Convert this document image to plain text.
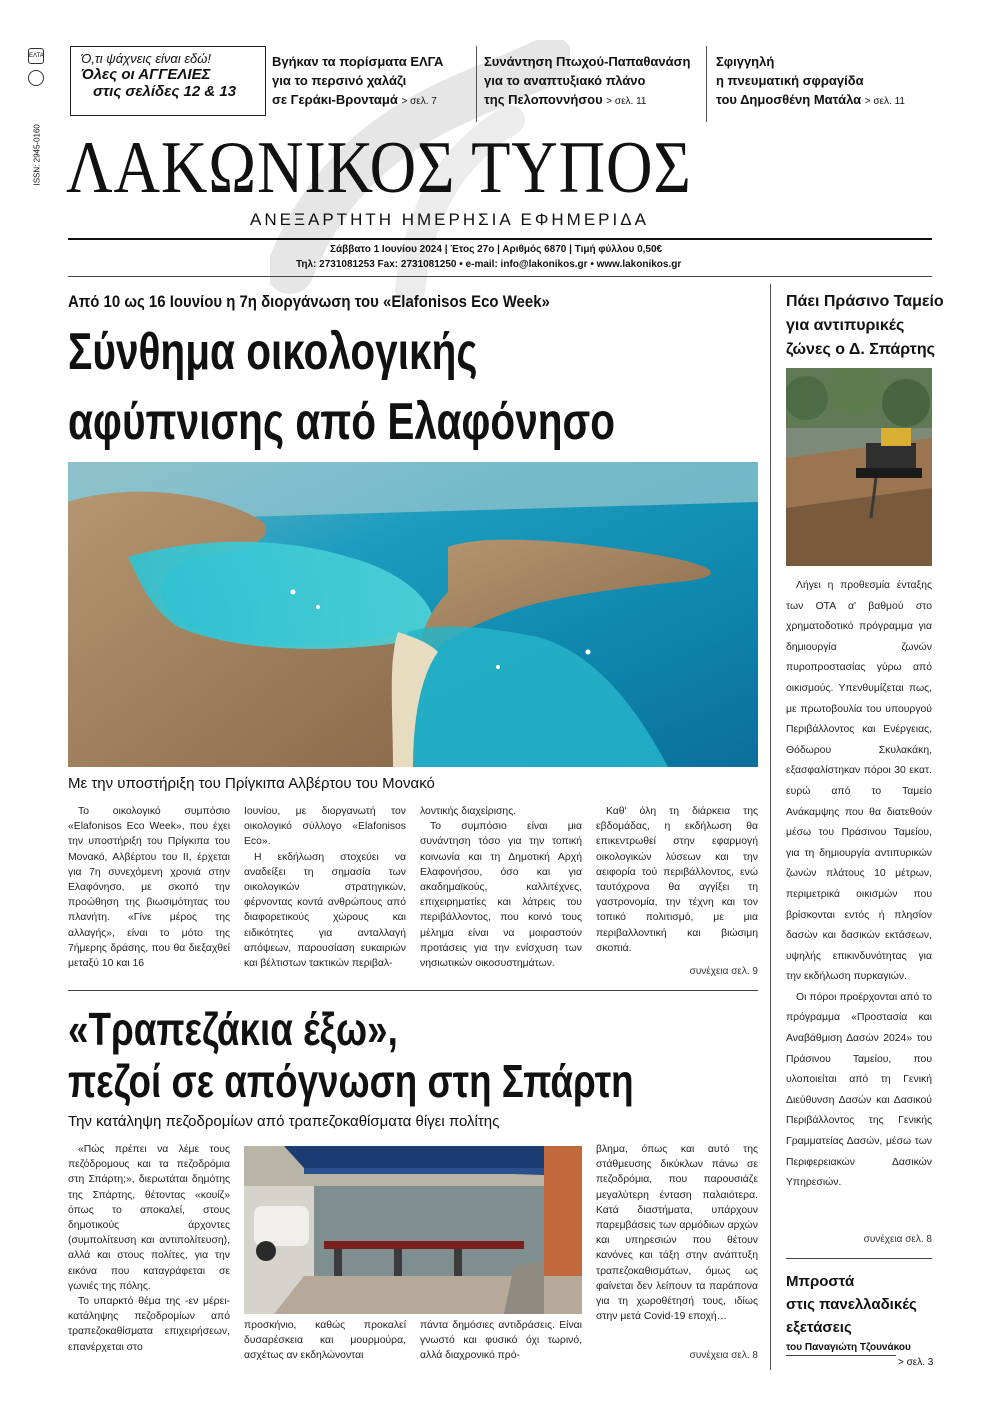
ΕΛΤΑ
ISSN: 2945-0160
Ό,τι ψάχνεις είναι εδώ!
Όλες οι ΑΓΓΕΛΙΕΣ
στις σελίδες 12 & 13
Βγήκαν τα πορίσματα ΕΛΓΑ
για το περσινό χαλάζι
σε Γεράκι-Βρονταμά > σελ. 7
Συνάντηση Πτωχού-Παπαθανάση
για το αναπτυξιακό πλάνο
της Πελοποννήσου > σελ. 11
Σφιγγηλή
η πνευματική σφραγίδα
του Δημοσθένη Ματάλα > σελ. 11
ΛΑΚΩΝΙΚΟΣ ΤΥΠΟΣ
ΑΝΕΞΑΡΤΗΤΗ ΗΜΕΡΗΣΙΑ ΕΦΗΜΕΡΙΔΑ
Σάββατο 1 Ιουνίου 2024 | Έτος 27ο | Αριθμός 6870 | Τιμή φύλλου 0,50€
Τηλ: 2731081253 Fax: 2731081250 • e-mail: info@lakonikos.gr • www.lakonikos.gr
Από 10 ως 16 Ιουνίου η 7η διοργάνωση του «Elafonisos Eco Week»
Σύνθημα οικολογικής
αφύπνισης από Ελαφόνησο
Με την υποστήριξη του Πρίγκιπα Αλβέρτου του Μονακό

Το οικολογικό συμπόσιο «Elafonisos Eco Week», που έχει την υποστήριξη του Πρίγκιπα του Μονακό, Αλβέρτου του ΙΙ, έρχεται για 7η συνεχόμενη χρονιά στην Ελαφόνησο, με σκοπό την προώθηση της βιωσιμότητας του πλανήτη. «Γίνε μέρος της αλλαγής», είναι το μότο της 7ήμερης δράσης, που θα διεξαχθεί μεταξύ 10 και 16

Ιουνίου, με διοργανωτή τον οικολογικό σύλλογο «Elafonisos Eco».

Η εκδήλωση στοχεύει να αναδείξει τη σημασία των οικολογικών στρατηγικών, φέρνοντας κοντά ανθρώπους από διαφορετικούς χώρους και ειδικότητες για ανταλλαγή απόψεων, παρουσίαση ευκαιριών και βέλτιστων τακτικών περιβαλ-

λοντικής διαχείρισης.

Το συμπόσιο είναι μια συνάντηση τόσο για την τοπική κοινωνία και τη Δημοτική Αρχή Ελαφονήσου, όσο και για ακαδημαϊκούς, καλλιτέχνες, επιχειρηματίες και λάτρεις του περιβάλλοντος, που κοινό τους μέλημα είναι να μοιραστούν προτάσεις για την ενίσχυση των νησιωτικών οικοσυστημάτων.

Καθ' όλη τη διάρκεια της εβδομάδας, η εκδήλωση θα επικεντρωθεί στην εφαρμογή οικολογικών λύσεων και την αειφορία τού περιβάλλοντος, ενώ ταυτόχρονα θα αγγίξει τη γαστρονομία, την τέχνη και τον τοπικό πολιτισμό, με μια περιβαλλοντική και βιώσιμη σκοπιά.

συνέχεια σελ. 9
«Τραπεζάκια έξω»,
πεζοί σε απόγνωση στη Σπάρτη
Την κατάληψη πεζοδρομίων από τραπεζοκαθίσματα θίγει πολίτης

«Πώς πρέπει να λέμε τους πεζόδρομους και τα πεζοδρόμια στη Σπάρτη;», διερωτάται δημότης της Σπάρτης, θέτοντας «κουίζ» όπως το αποκαλεί, στους δημοτικούς άρχοντες (συμπολίτευση και αντιπολίτευση), αλλά και στους πολίτες, για την εικόνα που καταγράφεται σε γωνιές της πόλης.

Το υπαρκτό θέμα της -εν μέρει- κατάληψης πεζοδρομίων από τραπεζοκαθίσματα επιχειρήσεων, επανέρχεται στο

προσκήνιο, καθώς προκαλεί δυσαρέσκεια και μουρμούρα, ασχέτως αν εκδηλώνονται

πάντα δημόσιες αντιδράσεις. Είναι γνωστό και φυσικό όχι τωρινό, αλλά διαχρονικό πρό-

βλημα, όπως και αυτό της στάθμευσης δικύκλων πάνω σε πεζοδρόμια, που παρουσιάζε μεγαλύτερη ένταση παλαιότερα. Κατά διαστήματα, υπάρχουν παρεμβάσεις των αρμόδιων αρχών και υπηρεσιών που θέτουν κανόνες και τάξη στην ανάπτυξη τραπεζοκαθισμάτων, όμως ως φαίνεται δεν λείπουν τα παράπονα για τη χωροθέτησή τους, ιδίως στην μετά Covid-19 εποχή…

συνέχεια σελ. 8
Πάει Πράσινο Ταμείο
για αντιπυρικές
ζώνες ο Δ. Σπάρτης

Λήγει η προθεσμία ένταξης των ΟΤΑ α' βαθμού στο χρηματοδοτικό πρόγραμμα για δημιουργία ζωνών πυροπροστασίας γύρω από οικισμούς. Υπενθυμίζεται πως, με πρωτοβουλία του υπουργού Περιβάλλοντος και Ενέργειας, Θόδωρου Σκυλακάκη, εξασφαλίστηκαν πόροι 30 εκατ. ευρώ από το Ταμείο Ανάκαμψης που θα διατεθούν μέσω του Πράσινου Ταμείου, για τη δημιουργία αντιπυρικών ζωνών πλάτους 10 μέτρων, περιμετρικά οικισμών που βρίσκονται εντός ή πλησίον δασών και δασικών εκτάσεων, υψηλής επικινδυνότητας για την εκδήλωση πυρκαγιών.

Οι πόροι προέρχονται από το πρόγραμμα «Προστασία και Αναβάθμιση Δασών 2024» του Πράσινου Ταμείου, που υλοποιείται από τη Γενική Διεύθυνση Δασών και Δασικού Περιβάλλοντος της Γενικής Γραμματείας Δασών, μέσω των Περιφερειακών Δασικών Υπηρεσιών.

συνέχεια σελ. 8
Μπροστά
στις πανελλαδικές
εξετάσεις
του Παναγιώτη Τζουνάκου
> σελ. 3
